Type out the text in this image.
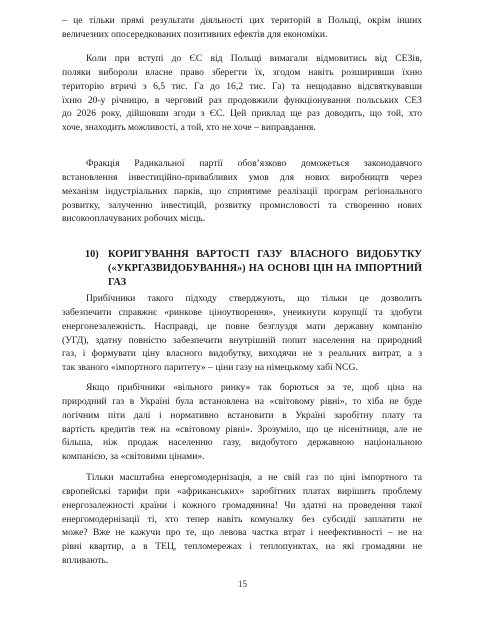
– це тільки прямі результати діяльності цих територій в Польщі, окрім інших
величезних опосередкованих позитивних ефектів для економіки.
Коли при вступі до ЄС від Польщі вимагали відмовитись від СЕЗів,
поляки вибороли власне право зберегти їх, згодом навіть розширивши їхню
територію втричі з 6,5 тис. Га до 16,2 тис. Га) та нещодавно відсвяткувавши
їхню 20-у річницю, в черговий раз продовжили функціонування польських СЕЗ
до 2026 року, дійшовши згоди з ЄС. Цей приклад ще раз доводить, що той, хто
хоче, знаходить можливості, а той, хто не хоче – виправдання.
Фракція Радикальної партії обов’язково доможеться законодавчого
встановлення інвестиційно-привабливих умов для нових виробництв через
механізм індустріальних парків, що сприятиме реалізації програм регіонального
розвитку, залученню інвестицій, розвитку промисловості та створенню нових
високооплачуваних робочих місць.
10) КОРИГУВАННЯ ВАРТОСТІ ГАЗУ ВЛАСНОГО ВИДОБУТКУ
(«УКРГАЗВИДОБУВАННЯ») НА ОСНОВІ ЦІН НА ІМПОРТНИЙ
ГАЗ
Прибічники такого підходу стверджують, що тільки це дозволить
забезпечити справжнє «ринкове ціноутворення», унеикнути корупції та здобути
енергонезалежність. Насправді, це повне безглуздя мати державну компанію
(УГД), здатну повністю забезпечити внутрішній попит населення на природний
газ, і формувати ціну власного видобутку, виходячи не з реальних витрат, а з
так званого «імпортного паритету» – ціни газу на німецькому хабі NCG.
Якщо прибічники «вільного ринку» так борються за те, щоб ціна на
природний газ в Україні була встановлена на «світовому рівні», то хіба не буде
логічним піти далі і нормативно встановити в Україні заробітну плату та
вартість кредитів теж на «світовому рівні». Зрозуміло, що це нісенітниця, але не
більша, ніж продаж населенню газу, видобутого державною національною
компанією, за «світовими цінами».
Тільки масштабна енергомодернізація, а не свій газ по ціні імпортного та
європейські тарифи при «африканських» заробітних платах вирішить проблему
енергозалежності країни і кожного громадянина! Чи здатні на проведення такої
енергомодернізації ті, хто тепер навіть комуналку без субсидії заплатити не
може? Вже не кажучи про те, що левова частка втрат і неефективності – не на
рівні квартир, а в ТЕЦ, тепломережах і теплопунктах, на які громадяни не
впливають.
15
